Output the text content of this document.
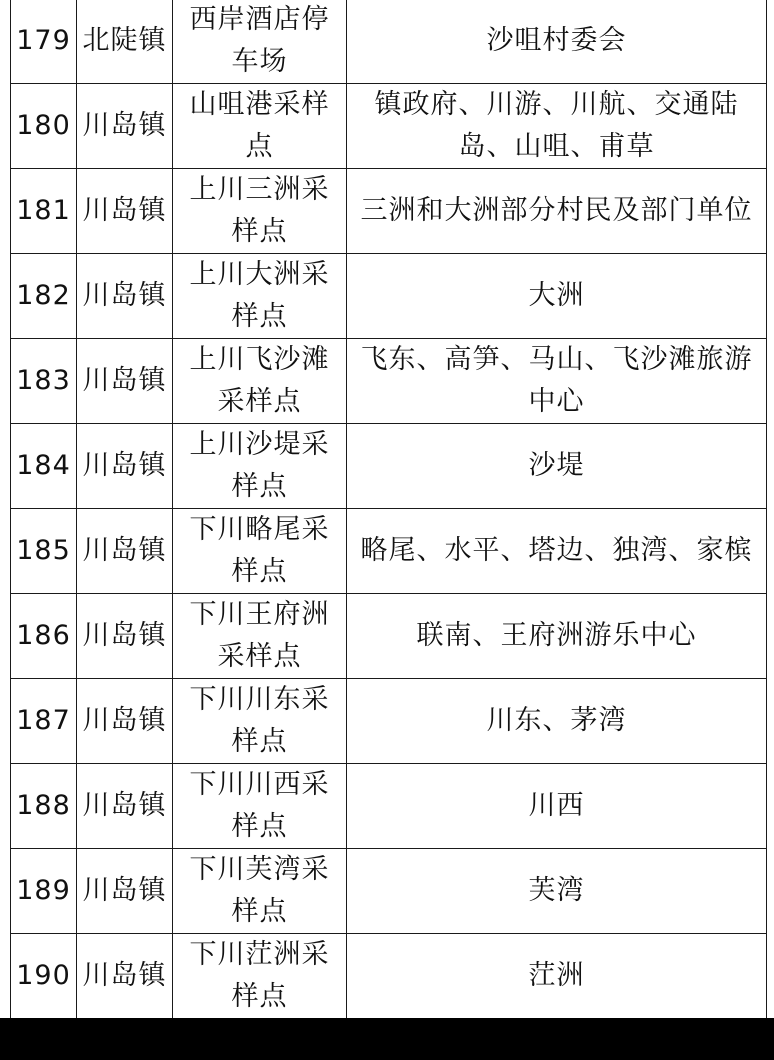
179	北陡镇	西岸酒店停车场	沙咀村委会
180	川岛镇	山咀港采样点	镇政府、川游、川航、交通陆岛、山咀、甫草
181	川岛镇	上川三洲采样点	三洲和大洲部分村民及部门单位
182	川岛镇	上川大洲采样点	大洲
183	川岛镇	上川飞沙滩采样点	飞东、高笋、马山、飞沙滩旅游中心
184	川岛镇	上川沙堤采样点	沙堤
185	川岛镇	下川略尾采样点	略尾、水平、塔边、独湾、家槟
186	川岛镇	下川王府洲采样点	联南、王府洲游乐中心
187	川岛镇	下川川东采样点	川东、茅湾
188	川岛镇	下川川西采样点	川西
189	川岛镇	下川芙湾采样点	芙湾
190	川岛镇	下川茳洲采样点	茳洲
